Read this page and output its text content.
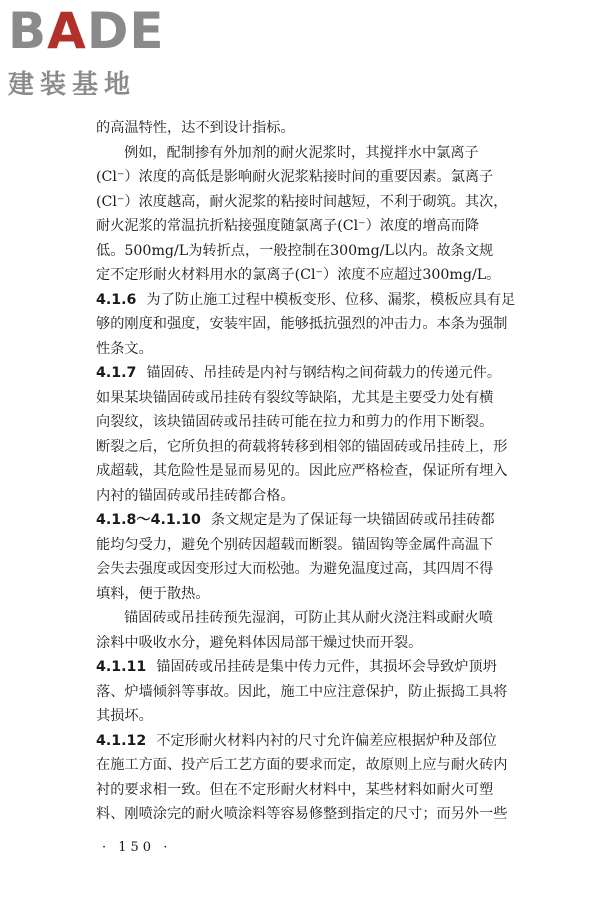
BADE
建装基地
的高温特性，达不到设计指标。
例如，配制掺有外加剂的耐火泥浆时，其搅拌水中氯离子
(Cl⁻）浓度的高低是影响耐火泥浆粘接时间的重要因素。氯离子
(Cl⁻）浓度越高，耐火泥浆的粘接时间越短，不利于砌筑。其次，
耐火泥浆的常温抗折粘接强度随氯离子(Cl⁻）浓度的增高而降
低。500mg/L为转折点，一般控制在300mg/L以内。故条文规
定不定形耐火材料用水的氯离子(Cl⁻）浓度不应超过300mg/L。
4.1.6 为了防止施工过程中模板变形、位移、漏浆，模板应具有足
够的刚度和强度，安装牢固，能够抵抗强烈的冲击力。本条为强制
性条文。
4.1.7 锚固砖、吊挂砖是内衬与钢结构之间荷载力的传递元件。
如果某块锚固砖或吊挂砖有裂纹等缺陷，尤其是主要受力处有横
向裂纹，该块锚固砖或吊挂砖可能在拉力和剪力的作用下断裂。
断裂之后，它所负担的荷载将转移到相邻的锚固砖或吊挂砖上，形
成超载，其危险性是显而易见的。因此应严格检查，保证所有埋入
内衬的锚固砖或吊挂砖都合格。
4.1.8～4.1.10 条文规定是为了保证每一块锚固砖或吊挂砖都
能均匀受力，避免个别砖因超载而断裂。锚固钩等金属件高温下
会失去强度或因变形过大而松弛。为避免温度过高，其四周不得
填料，便于散热。
锚固砖或吊挂砖预先湿润，可防止其从耐火浇注料或耐火喷
涂料中吸收水分，避免料体因局部干燥过快而开裂。
4.1.11 锚固砖或吊挂砖是集中传力元件，其损坏会导致炉顶坍
落、炉墙倾斜等事故。因此，施工中应注意保护，防止振捣工具将
其损坏。
4.1.12 不定形耐火材料内衬的尺寸允许偏差应根据炉种及部位
在施工方面、投产后工艺方面的要求而定，故原则上应与耐火砖内
衬的要求相一致。但在不定形耐火材料中，某些材料如耐火可塑
料、刚喷涂完的耐火喷涂料等容易修整到指定的尺寸；而另外一些
· 150 ·
